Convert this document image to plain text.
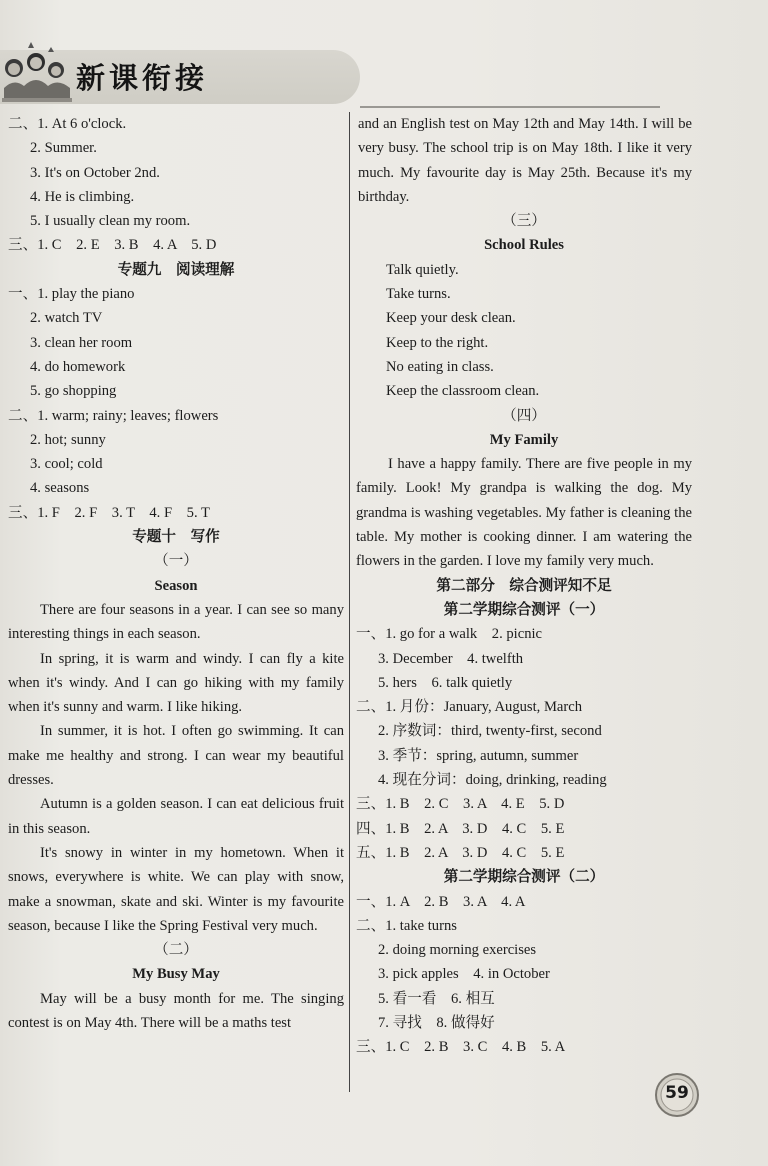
新课衔接
二、1. At 6 o'clock.
2. Summer.
3. It's on October 2nd.
4. He is climbing.
5. I usually clean my room.
三、1. C　2. E　3. B　4. A　5. D
专题九　阅读理解
一、1. play the piano
2. watch TV
3. clean her room
4. do homework
5. go shopping
二、1. warm; rainy; leaves; flowers
2. hot; sunny
3. cool; cold
4. seasons
三、1. F　2. F　3. T　4. F　5. T
专题十　写作
（一）
Season
There are four seasons in a year. I can see so many interesting things in each season.
In spring, it is warm and windy. I can fly a kite when it's windy. And I can go hiking with my family when it's sunny and warm. I like hiking.
In summer, it is hot. I often go swimming. It can make me healthy and strong. I can wear my beautiful dresses.
Autumn is a golden season. I can eat delicious fruit in this season.
It's snowy in winter in my hometown. When it snows, everywhere is white. We can play with snow, make a snowman, skate and ski. Winter is my favourite season, because I like the Spring Festival very much.
（二）
My Busy May
May will be a busy month for me. The singing contest is on May 4th. There will be a maths test
and an English test on May 12th and May 14th. I will be very busy. The school trip is on May 18th. I like it very much. My favourite day is May 25th. Because it's my birthday.
（三）
School Rules
Talk quietly.
Take turns.
Keep your desk clean.
Keep to the right.
No eating in class.
Keep the classroom clean.
（四）
My Family
I have a happy family. There are five people in my family. Look! My grandpa is walking the dog. My grandma is washing vegetables. My father is cleaning the table. My mother is cooking dinner. I am watering the flowers in the garden. I love my family very much.
第二部分　综合测评知不足
第二学期综合测评（一）
一、1. go for a walk　2. picnic
3. December　4. twelfth
5. hers　6. talk quietly
二、1. 月份：January, August, March
2. 序数词：third, twenty-first, second
3. 季节：spring, autumn, summer
4. 现在分词：doing, drinking, reading
三、1. B　2. C　3. A　4. E　5. D
四、1. B　2. A　3. D　4. C　5. E
五、1. B　2. A　3. D　4. C　5. E
第二学期综合测评（二）
一、1. A　2. B　3. A　4. A
二、1. take turns
2. doing morning exercises
3. pick apples　4. in October
5. 看一看　6. 相互
7. 寻找　8. 做得好
三、1. C　2. B　3. C　4. B　5. A
59
